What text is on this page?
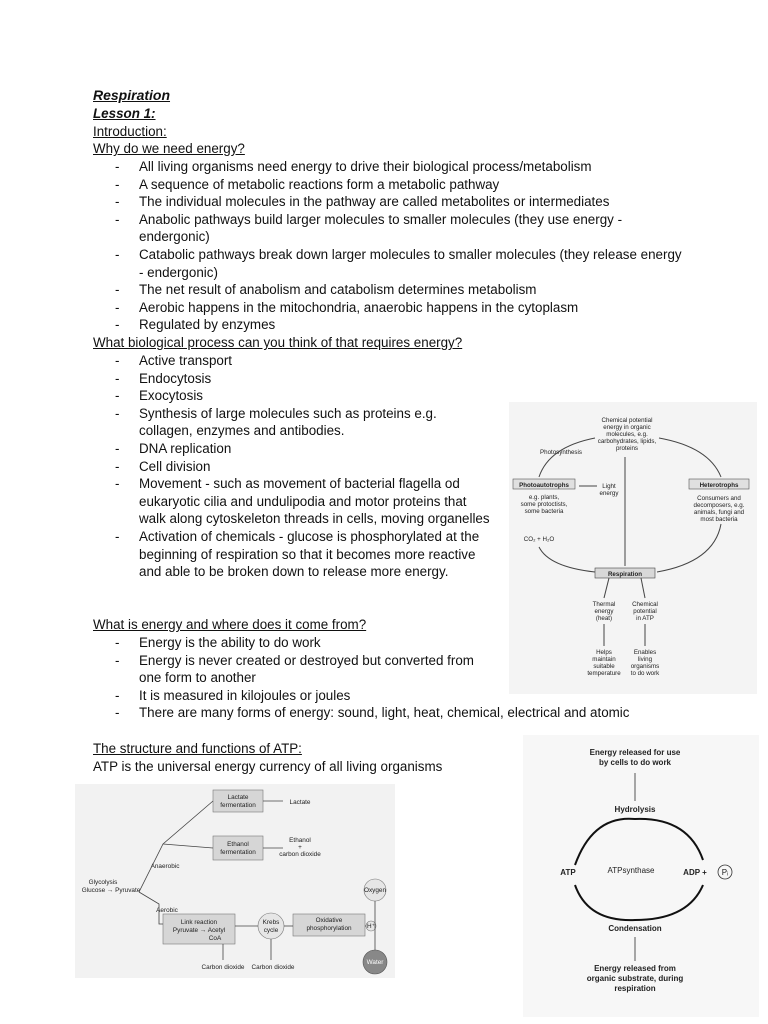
Respiration
Lesson 1:
Introduction:
Why do we need energy?
- All living organisms need energy to drive their biological process/metabolism
- A sequence of metabolic reactions form a metabolic pathway
- The individual molecules in the pathway are called metabolites or intermediates
- Anabolic pathways build larger molecules to smaller molecules (they use energy - endergonic)
- Catabolic pathways break down larger molecules to smaller molecules (they release energy - endergonic)
- The net result of anabolism and catabolism determines metabolism
- Aerobic happens in the mitochondria, anaerobic happens in the cytoplasm
- Regulated by enzymes
What biological process can you think of that requires energy?
- Active transport
- Endocytosis
- Exocytosis
- Synthesis of large molecules such as proteins e.g. collagen, enzymes and antibodies.
- DNA replication
- Cell division
- Movement - such as movement of bacterial flagella od eukaryotic cilia and undulipodia and motor proteins that walk along cytoskeleton threads in cells, moving organelles
- Activation of chemicals - glucose is phosphorylated at the beginning of respiration so that it becomes more reactive and able to be broken down to release more energy.
What is energy and where does it come from?
- Energy is the ability to do work
- Energy is never created or destroyed but converted from one form to another
- It is measured in kilojoules or joules
- There are many forms of energy: sound, light, heat, chemical, electrical and atomic
The structure and functions of ATP:
ATP is the universal energy currency of all living organisms
Chemical potential
energy in organic
molecules, e.g.
carbohydrates, lipids,
proteins
Photosynthesis
Photoautotrophs
e.g. plants,
some protoctists,
some bacteria
CO₂ + H₂O
Light
energy
Heterotrophs
Consumers and
decomposers, e.g.
animals, fungi and
most bacteria
Respiration
Thermal
energy
(heat)
Chemical
potential
in ATP
Helps
maintain
suitable
temperature
Enables
living
organisms
to do work
Energy released for use
by cells to do work
Hydrolysis
ATP	ATPsynthase	ADP + Pᵢ
Condensation
Energy released from
organic substrate, during
respiration
Lactate
fermentation	Lactate
Ethanol
fermentation
Ethanol
+
carbon dioxide
Anaerobic
Glycolysis
Glucose → Pyruvate
Aerobic
Link reaction
Pyruvate → Acetyl
CoA
Krebs
cycle
Oxidative
phosphorylation
Oxygen
H⁺
Water
Carbon dioxide Carbon dioxide
